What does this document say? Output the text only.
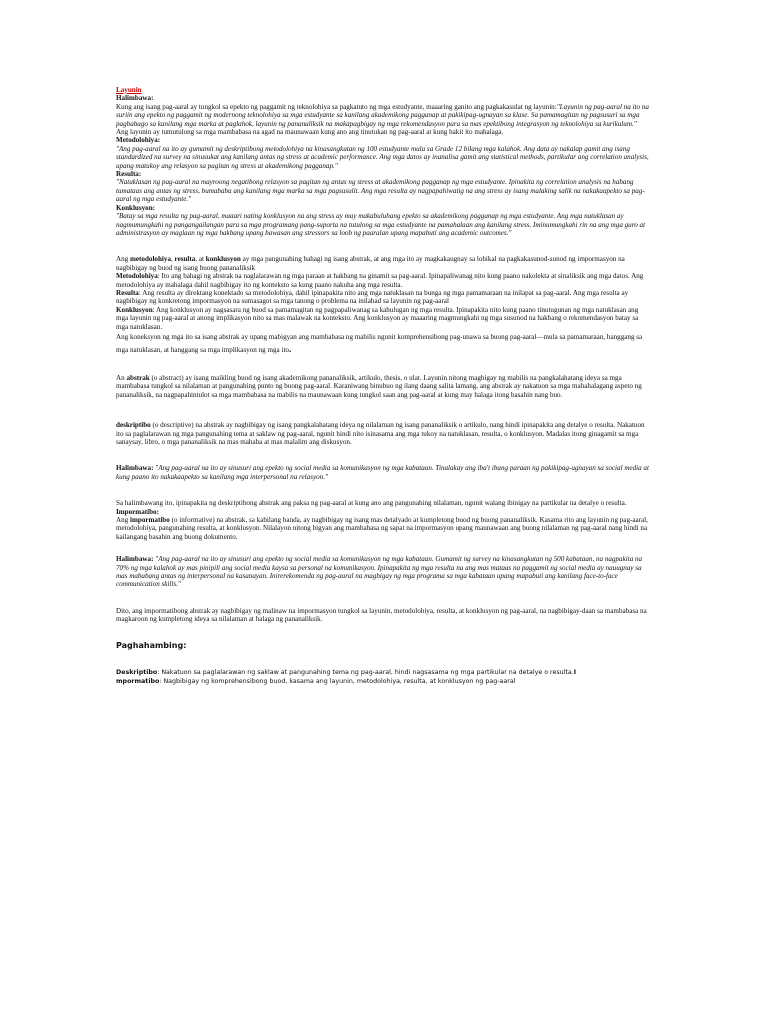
Layunin

Halimbawa:

Kung ang isang pag-aaral ay tungkol sa epekto ng paggamit ng teknolohiya sa pagkatuto ng mga estudyante, maaaring ganito ang pagkakasulat ng layunin:"Layunin ng pag-aaral na ito na suriin ang epekto ng paggamit ng modernong teknolohiya sa mga estudyante sa kanilang akademikong pagganap at pakikipag-ugnayan sa klase. Sa pamamagitan ng pagsusuri sa mga pagbabago sa kanilang mga marka at paglahok, layunin ng pananaliksik na makapagbigay ng mga rekomendasyon para sa mas epektibong integrasyon ng teknolohiya sa kurikulum."

Ang layunin ay tumutulong sa mga mambabasa na agad na maunawaan kung ano ang tinutukan ng pag-aaral at kung bakit ito mahalaga.

Metodolohiya:

"Ang pag-aaral na ito ay gumamit ng deskriptibong metodolohiya na kinasangkutan ng 100 estudyante mula sa Grade 12 bilang mga kalahok. Ang data ay nakalap gamit ang isang standardized na survey na sinusukat ang kanilang antas ng stress at academic performance. Ang mga datos ay inanalisa gamit ang statistical methods, partikular ang correlation analysis, upang matukoy ang relasyon sa pagitan ng stress at akademikong pagganap."

Resulta:

"Natuklasan ng pag-aaral na mayroong negatibong relasyon sa pagitan ng antas ng stress at akademikong pagganap ng mga estudyante. Ipinakita ng correlation analysis na habang tumataas ang antas ng stress, bumababa ang kanilang mga marka sa mga pagsusulit. Ang mga resulta ay nagpapahiwatig na ang stress ay isang malaking salik na nakakaapekto sa pag-aaral ng mga estudyante."

Konklusyon:

"Batay sa mga resulta ng pag-aaral, maaari nating konklusyon na ang stress ay may makabuluhang epekto sa akademikong pagganap ng mga estudyante. Ang mga natuklasan ay nagmumungkahi ng pangangailangan para sa mga programang pang-suporta na tutulong sa mga estudyante na pamahalaan ang kanilang stress. Iminumungkahi rin na ang mga guro at administrasyon ay maglaan ng mga hakbang upang bawasan ang stressors sa loob ng paaralan upang mapabuti ang academic outcomes."

Ang metodolohiya, resulta, at konklusyon ay mga pangunahing bahagi ng isang abstrak, at ang mga ito ay magkakaugnay sa lohikal na pagkakasunod-sunod ng impormasyon na nagbibigay ng buod ng isang buong pananaliksik

Metodolohiya: Ito ang bahagi ng abstrak na naglalarawan ng mga paraan at hakbang na ginamit sa pag-aaral. Ipinapaliwanag nito kung paano nakolekta at sinaliksik ang mga datos. Ang metodolohiya ay mahalaga dahil nagbibigay ito ng konteksto sa kung paano nakuha ang mga resulta.

Resulta: Ang resulta ay direktang konektado sa metodolohiya, dahil ipinapakita nito ang mga natuklasan na bunga ng mga pamamaraan na inilapat sa pag-aaral. Ang mga resulta ay nagbibigay ng konkretong impormasyon na sumasagot sa mga tanong o problema na inilahad sa layunin ng pag-aaral

Konklusyon: Ang konklusyon ay nagsasara ng buod sa pamamagitan ng pagpapaliwanag sa kahulugan ng mga resulta. Ipinapakita nito kung paano tinutugunan ng mga natuklasan ang mga layunin ng pag-aaral at anong implikasyon nito sa mas malawak na konteksto. Ang konklusyon ay maaaring magmungkahi ng mga susunod na hakbang o rekomendasyon batay sa mga natuklasan.

Ang koneksyon ng mga ito sa isang abstrak ay upang mabigyan ang mambabasa ng mabilis ngunit komprehensibong pag-unawa sa buong pag-aaral—mula sa pamamaraan, hanggang sa mga natuklasan, at hanggang sa mga implikasyon ng mga ito.

An abstrak (o abstract) ay isang maikling buod ng isang akademikong pananaliksik, artikulo, thesis, o ulat. Layunin nitong magbigay ng mabilis na pangkalahatang ideya sa mga mambabasa tungkol sa nilalaman at pangunahing punto ng buong pag-aaral. Karaniwang binubuo ng ilang daang salita lamang, ang abstrak ay nakatuon sa mga mahahalagang aspeto ng pananaliksik, na nagpapahintulot sa mga mambabasa na mabilis na maunawaan kung tungkol saan ang pag-aaral at kung may halaga itong basahin nang buo.

deskriptibo (o descriptive) na abstrak ay nagbibigay ng isang pangkalahatang ideya ng nilalaman ng isang pananaliksik o artikulo, nang hindi ipinapakita ang detalye o resulta. Nakatuon ito sa paglalarawan ng mga pangunahing tema at saklaw ng pag-aaral, ngunit hindi nito isinasama ang mga tukoy na natuklasan, resulta, o konklusyon. Madalas itong ginagamit sa mga sanaysay, libro, o mga pananaliksik na mas mahaba at mas malalim ang diskusyon.

Halimbawa: "Ang pag-aaral na ito ay sinusuri ang epekto ng social media sa komunikasyon ng mga kabataan. Tinalakay ang iba't ibang paraan ng pakikipag-ugnayan sa social media at kung paano ito nakakaapekto sa kanilang mga interpersonal na relasyon."

Sa halimbawang ito, ipinapakita ng deskriptibong abstrak ang paksa ng pag-aaral at kung ano ang pangunahing nilalaman, ngunit walang ibinigay na partikular na detalye o resulta.

Impormatibo:

Ang impormatibo (o informative) na abstrak, sa kabilang banda, ay nagbibigay ng isang mas detalyado at kumpletong buod ng buong pananaliksik. Kasama rito ang layunin ng pag-aaral, metodolohiya, pangunahing resulta, at konklusyon. Nilalayon nitong bigyan ang mambabasa ng sapat na impormasyon upang maunawaan ang buong nilalaman ng pag-aaral nang hindi na kailangang basahin ang buong dokumento.

Halimbawa: "Ang pag-aaral na ito ay sinusuri ang epekto ng social media sa komunikasyon ng mga kabataan. Gumamit ng survey na kinasangkutan ng 500 kabataan, na nagpakita na 70% ng mga kalahok ay mas pinipili ang social media kaysa sa personal na komunikasyon. Ipinapakita ng mga resulta na ang mas mataas na paggamit ng social media ay nauugnay sa mas mababang antas ng interpersonal na kasanayan. Inirerekomenda ng pag-aaral na magbigay ng mga programa sa mga kabataan upang mapabuti ang kanilang face-to-face communication skills."

Dito, ang impormatibong abstrak ay nagbibigay ng malinaw na impormasyon tungkol sa layunin, metodolohiya, resulta, at konklusyon ng pag-aaral, na nagbibigay-daan sa mambabasa na magkaroon ng kumpletong ideya sa nilalaman at halaga ng pananaliksik.

Paghahambing:

Deskriptibo: Nakatuon sa paglalarawan ng saklaw at pangunahing tema ng pag-aaral, hindi nagsasama ng mga partikular na detalye o resulta.I

mpormatibo: Nagbibigay ng komprehensibong buod, kasama ang layunin, metodolohiya, resulta, at konklusyon ng pag-aaral
